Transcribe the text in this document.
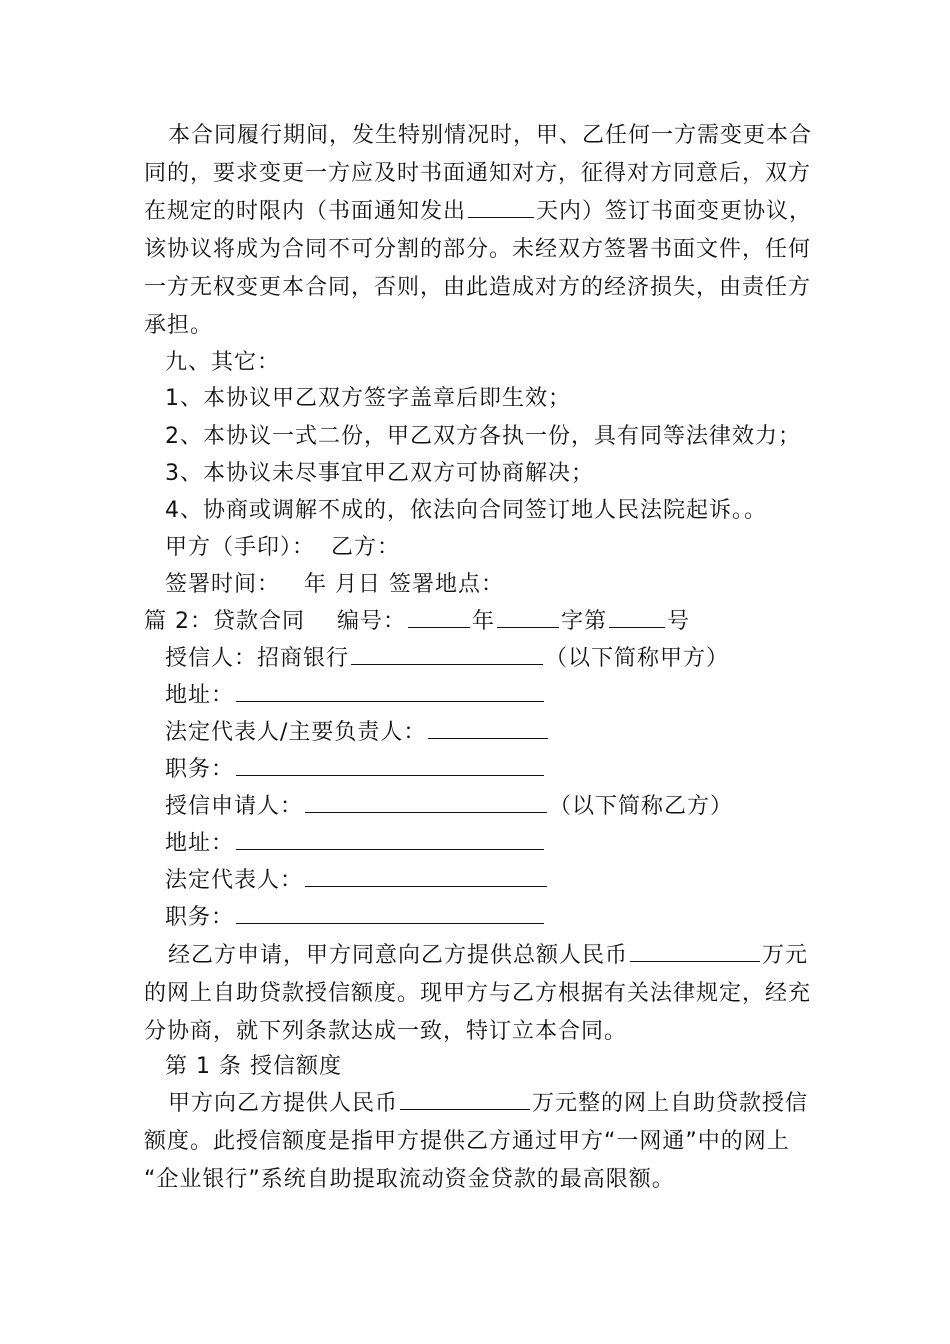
本合同履行期间，发生特别情况时，甲、乙任何一方需变更本合
同的，要求变更一方应及时书面通知对方，征得对方同意后，双方
在规定的时限内（书面通知发出	天内）签订书面变更协议，
该协议将成为合同不可分割的部分。未经双方签署书面文件，任何
一方无权变更本合同，否则，由此造成对方的经济损失，由责任方
承担。
九、其它：
1、本协议甲乙双方签字盖章后即生效；
2、本协议一式二份，甲乙双方各执一份，具有同等法律效力；
3、本协议未尽事宜甲乙双方可协商解决；
4、协商或调解不成的，依法向合同签订地人民法院起诉。。
甲方（手印）：  乙方：
签署时间：   年 月日 签署地点：
篇 2：贷款合同    编号：	年	字第	号
授信人：招商银行	（以下简称甲方）
地址：
法定代表人/主要负责人：
职务：
授信申请人：	（以下简称乙方）
地址：
法定代表人：
职务：
经乙方申请，甲方同意向乙方提供总额人民币	万元
的网上自助贷款授信额度。现甲方与乙方根据有关法律规定，经充
分协商，就下列条款达成一致，特订立本合同。
第 1 条 授信额度
甲方向乙方提供人民币	万元整的网上自助贷款授信
额度。此授信额度是指甲方提供乙方通过甲方“一网通”中的网上
“企业银行”系统自助提取流动资金贷款的最高限额。
